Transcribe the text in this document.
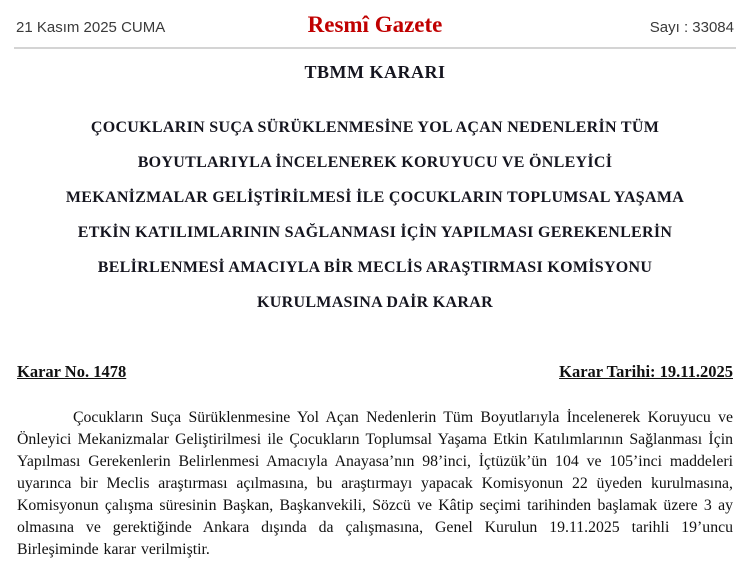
21 Kasım 2025 CUMA	Resmî Gazete	Sayı : 33084
TBMM KARARI
ÇOCUKLARIN SUÇA SÜRÜKLENMESİNE YOL AÇAN NEDENLERİN TÜM
BOYUTLARIYLA İNCELENEREK KORUYUCU VE ÖNLEYİCİ
MEKANİZMALAR GELİŞTİRİLMESİ İLE ÇOCUKLARIN TOPLUMSAL YAŞAMA
ETKİN KATILIMLARININ SAĞLANMASI İÇİN YAPILMASI GEREKENLERİN
BELİRLENMESİ AMACIYLA BİR MECLİS ARAŞTIRMASI KOMİSYONU
KURULMASINA DAİR KARAR
Karar No. 1478	Karar Tarihi: 19.11.2025

Çocukların Suça Sürüklenmesine Yol Açan Nedenlerin Tüm Boyutlarıyla İncelenerek Koruyucu ve Önleyici Mekanizmalar Geliştirilmesi ile Çocukların Toplumsal Yaşama Etkin Katılımlarının Sağlanması İçin Yapılması Gerekenlerin Belirlenmesi Amacıyla Anayasa’nın 98’inci, İçtüzük’ün 104 ve 105’inci maddeleri uyarınca bir Meclis araştırması açılmasına, bu araştırmayı yapacak Komisyonun 22 üyeden kurulmasına, Komisyonun çalışma süresinin Başkan, Başkanvekili, Sözcü ve Kâtip seçimi tarihinden başlamak üzere 3 ay olmasına ve gerektiğinde Ankara dışında da çalışmasına, Genel Kurulun 19.11.2025 tarihli 19’uncu Birleşiminde karar verilmiştir.
